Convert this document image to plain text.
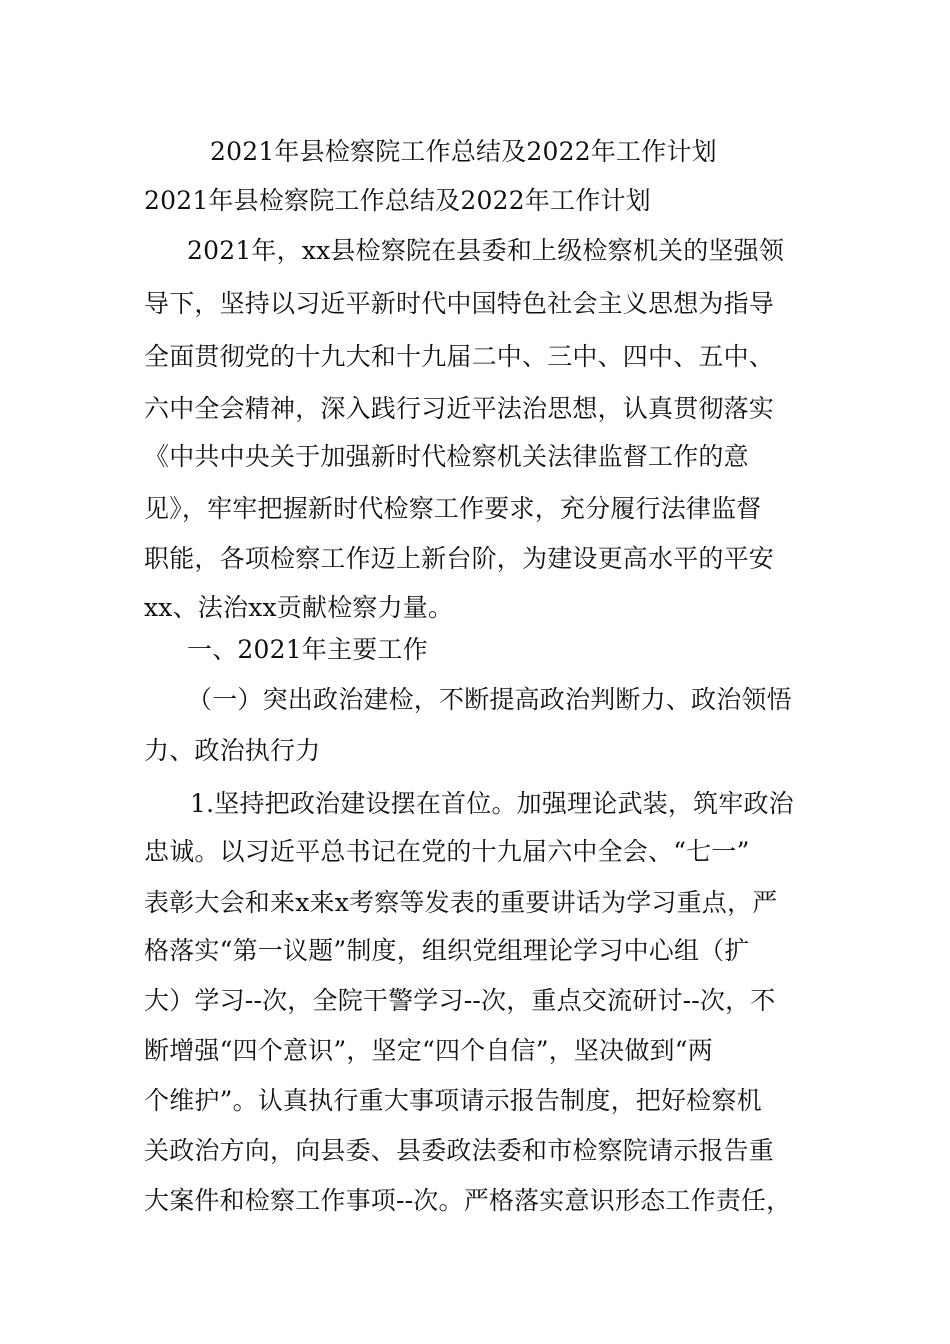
2021年县检察院工作总结及2022年工作计划
2021年县检察院工作总结及2022年工作计划
2021年，xx县检察院在县委和上级检察机关的坚强领
导下，坚持以习近平新时代中国特色社会主义思想为指导
全面贯彻党的十九大和十九届二中、三中、四中、五中、
六中全会精神，深入践行习近平法治思想，认真贯彻落实
《中共中央关于加强新时代检察机关法律监督工作的意
见》，牢牢把握新时代检察工作要求，充分履行法律监督
职能，各项检察工作迈上新台阶，为建设更高水平的平安
xx、法治xx贡献检察力量。
一、2021年主要工作
（一）突出政治建检，不断提高政治判断力、政治领悟
力、政治执行力
1.坚持把政治建设摆在首位。加强理论武装，筑牢政治
忠诚。以习近平总书记在党的十九届六中全会、“七一”
表彰大会和来x来x考察等发表的重要讲话为学习重点，严
格落实“第一议题”制度，组织党组理论学习中心组（扩
大）学习--次，全院干警学习--次，重点交流研讨--次，不
断增强“四个意识”，坚定“四个自信”，坚决做到“两
个维护”。认真执行重大事项请示报告制度，把好检察机
关政治方向，向县委、县委政法委和市检察院请示报告重
大案件和检察工作事项--次。严格落实意识形态工作责任，
